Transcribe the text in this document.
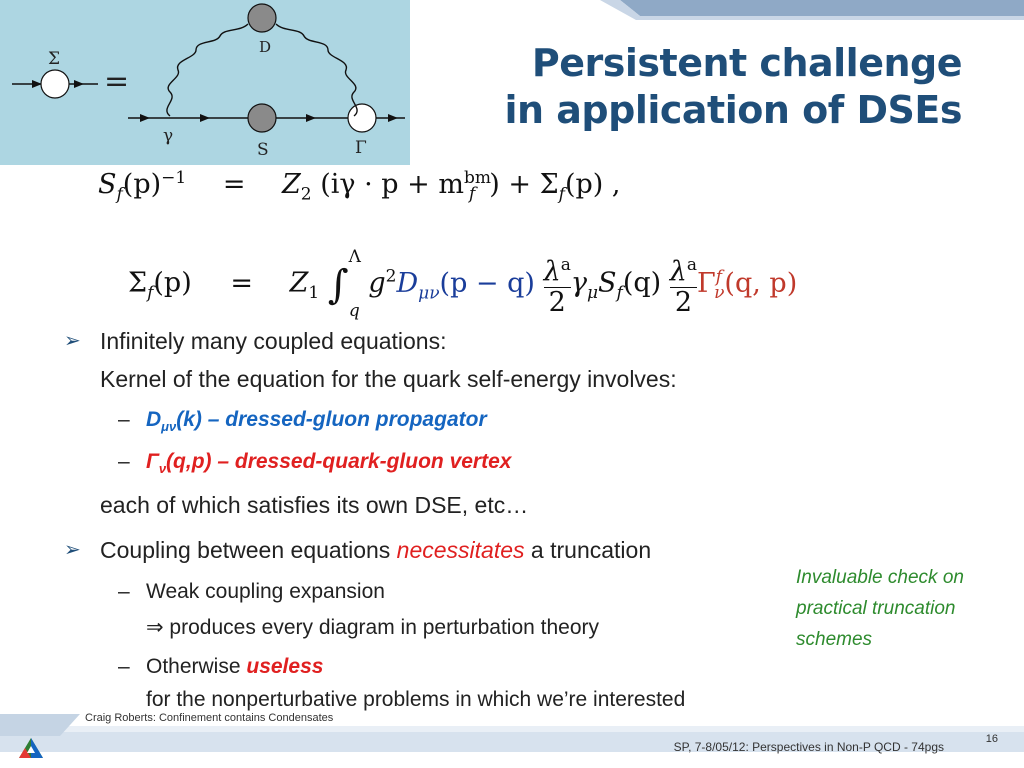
Σ
=
D
γ
S	Γ
Persistent challenge
in application of DSEs
$S_f(p)^{-1} = Z_2$ ($i\gamma \cdot p + m^{bm}_f$ ) + $\Sigma_f(p)$ ,
$\Sigma_f(p) = Z_1$ ∫$^\Lambda_q$ $g^2D_{\mu\nu}(p - q) \frac{\lambda^a}{2} \gamma_\mu S_f(q) \frac{\lambda^a}{2} \Gamma^f_\nu(q$, p)
➢ Infinitely many coupled equations:
Kernel of the equation for the quark self-energy involves:
– $D_{\mu\nu}(k)$ – dressed-gluon propagator
– $\Gamma_\nu(q,p)$ – dressed-quark-gluon vertex
each of which satisfies its own DSE, etc…
➢ Coupling between equations necessitates a truncation
– Weak coupling expansion
⇒ produces every diagram in perturbation theory
– Otherwise useless
for the nonperturbative problems in which we’re interested
Invaluable check on
practical truncation
schemes
Craig Roberts: Confinement contains Condensates
SP, 7-8/05/12: Perspectives in Non-P QCD - 74pgs
16
